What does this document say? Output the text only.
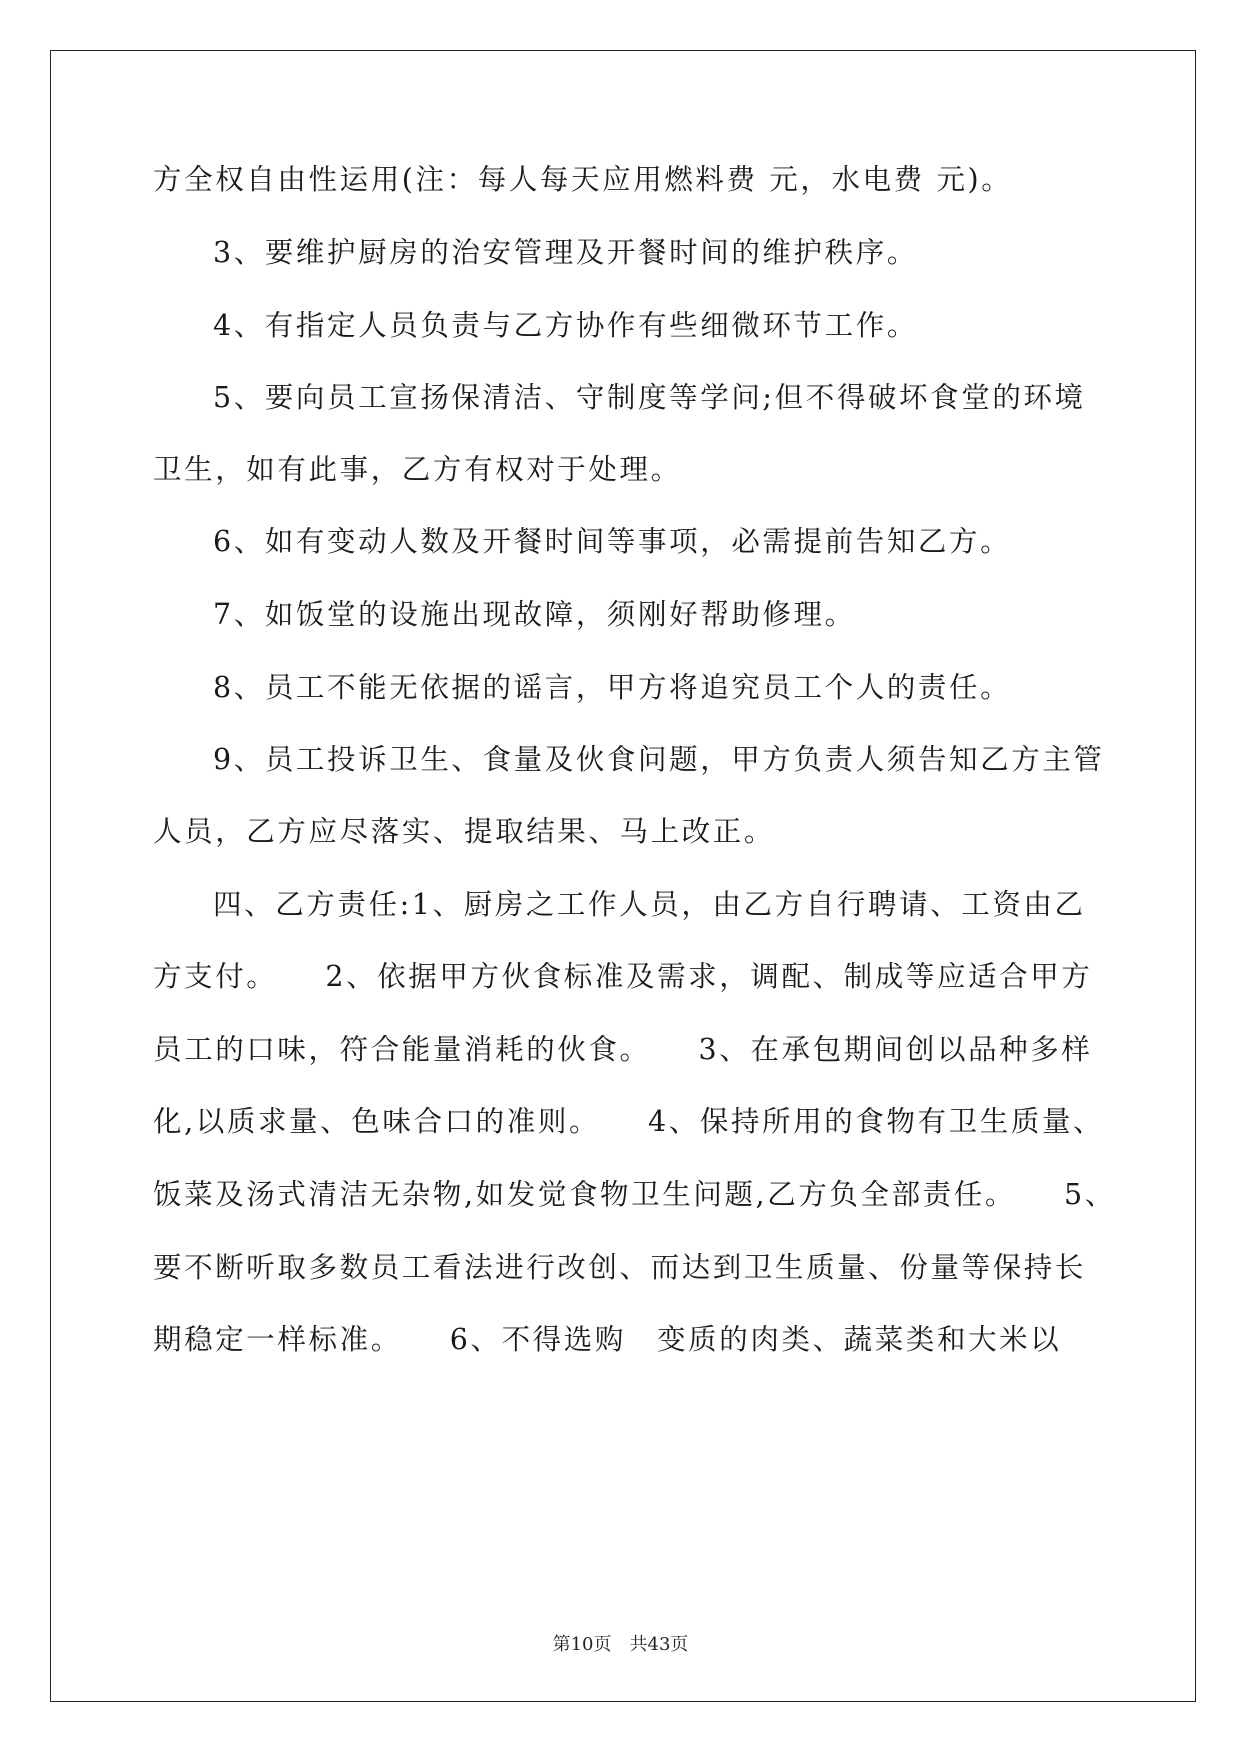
方全权自由性运用(注：每人每天应用燃料费 元，水电费 元)。
3、要维护厨房的治安管理及开餐时间的维护秩序。
4、有指定人员负责与乙方协作有些细微环节工作。
5、要向员工宣扬保清洁、守制度等学问;但不得破坏食堂的环境
卫生，如有此事，乙方有权对于处理。
6、如有变动人数及开餐时间等事项，必需提前告知乙方。
7、如饭堂的设施出现故障，须刚好帮助修理。
8、员工不能无依据的谣言，甲方将追究员工个人的责任。
9、员工投诉卫生、食量及伙食问题，甲方负责人须告知乙方主管
人员，乙方应尽落实、提取结果、马上改正。
四、乙方责任:1、厨房之工作人员，由乙方自行聘请、工资由乙
方支付。　　2、依据甲方伙食标准及需求，调配、制成等应适合甲方
员工的口味，符合能量消耗的伙食。　　3、在承包期间创以品种多样
化,以质求量、色味合口的准则。　　4、保持所用的食物有卫生质量、
饭菜及汤式清洁无杂物,如发觉食物卫生问题,乙方负全部责任。　　5、
要不断听取多数员工看法进行改创、而达到卫生质量、份量等保持长
期稳定一样标准。　　6、不得选购　变质的肉类、蔬菜类和大米以
第10页　共43页
